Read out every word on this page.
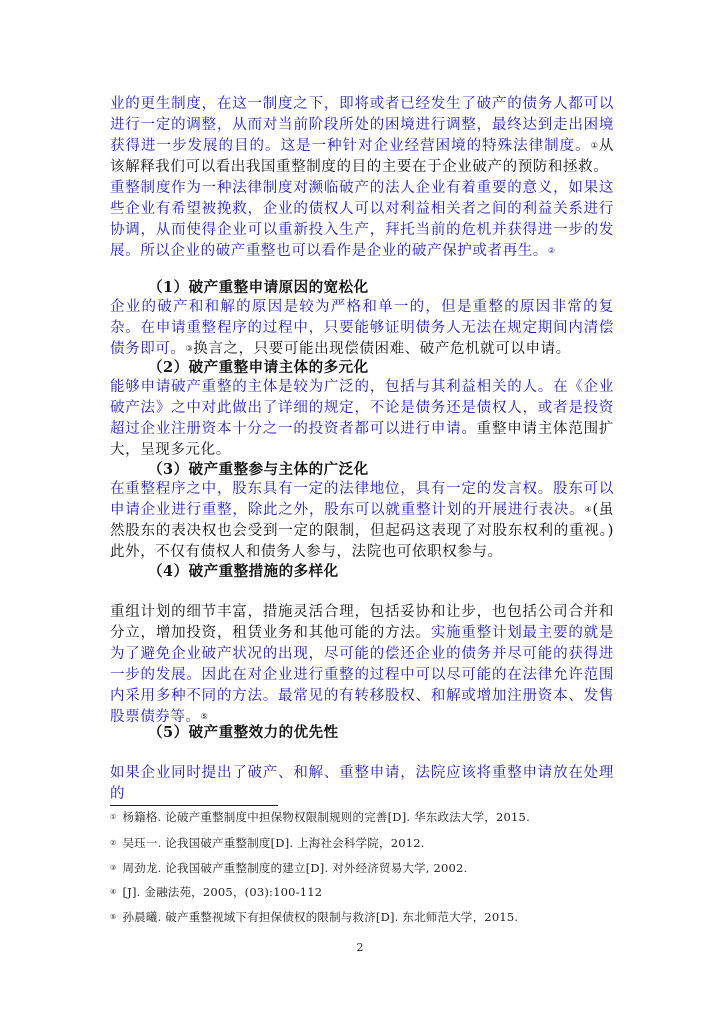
业的更生制度，在这一制度之下，即将或者已经发生了破产的债务人都可以进行一定的调整，从而对当前阶段所处的困境进行调整，最终达到走出困境获得进一步发展的目的。这是一种针对企业经营困境的特殊法律制度。①从该解释我们可以看出我国重整制度的目的主要在于企业破产的预防和拯救。

重整制度作为一种法律制度对濒临破产的法人企业有着重要的意义，如果这些企业有希望被挽救，企业的债权人可以对利益相关者之间的利益关系进行协调，从而使得企业可以重新投入生产，拜托当前的危机并获得进一步的发展。所以企业的破产重整也可以看作是企业的破产保护或者再生。②

（1）破产重整申请原因的宽松化

企业的破产和和解的原因是较为严格和单一的，但是重整的原因非常的复杂。在申请重整程序的过程中，只要能够证明债务人无法在规定期间内清偿债务即可。③换言之，只要可能出现偿债困难、破产危机就可以申请。

（2）破产重整申请主体的多元化

能够申请破产重整的主体是较为广泛的，包括与其利益相关的人。在《企业破产法》之中对此做出了详细的规定，不论是债务还是债权人，或者是投资超过企业注册资本十分之一的投资者都可以进行申请。重整申请主体范围扩大，呈现多元化。

（3）破产重整参与主体的广泛化

在重整程序之中，股东具有一定的法律地位，具有一定的发言权。股东可以申请企业进行重整，除此之外，股东可以就重整计划的开展进行表决。④(虽然股东的表决权也会受到一定的限制，但起码这表现了对股东权利的重视。)此外，不仅有债权人和债务人参与，法院也可依职权参与。

（4）破产重整措施的多样化

重组计划的细节丰富，措施灵活合理，包括妥协和让步，也包括公司合并和分立，增加投资，租赁业务和其他可能的方法。实施重整计划最主要的就是为了避免企业破产状况的出现，尽可能的偿还企业的债务并尽可能的获得进一步的发展。因此在对企业进行重整的过程中可以尽可能的在法律允许范围内采用多种不同的方法。最常见的有转移股权、和解或增加注册资本、发售股票债券等。⑤

（5）破产重整效力的优先性

如果企业同时提出了破产、和解、重整申请，法院应该将重整申请放在处理的

① 杨籍格. 论破产重整制度中担保物权限制规则的完善[D]. 华东政法大学，2015.
② 吴珏一. 论我国破产重整制度[D]. 上海社会科学院，2012.
③ 周劲龙. 论我国破产重整制度的建立[D]. 对外经济贸易大学, 2002.
④ [J]. 金融法苑，2005，(03):100-112
⑤ 孙晨曦. 破产重整视域下有担保债权的限制与救济[D]. 东北师范大学，2015.
2
